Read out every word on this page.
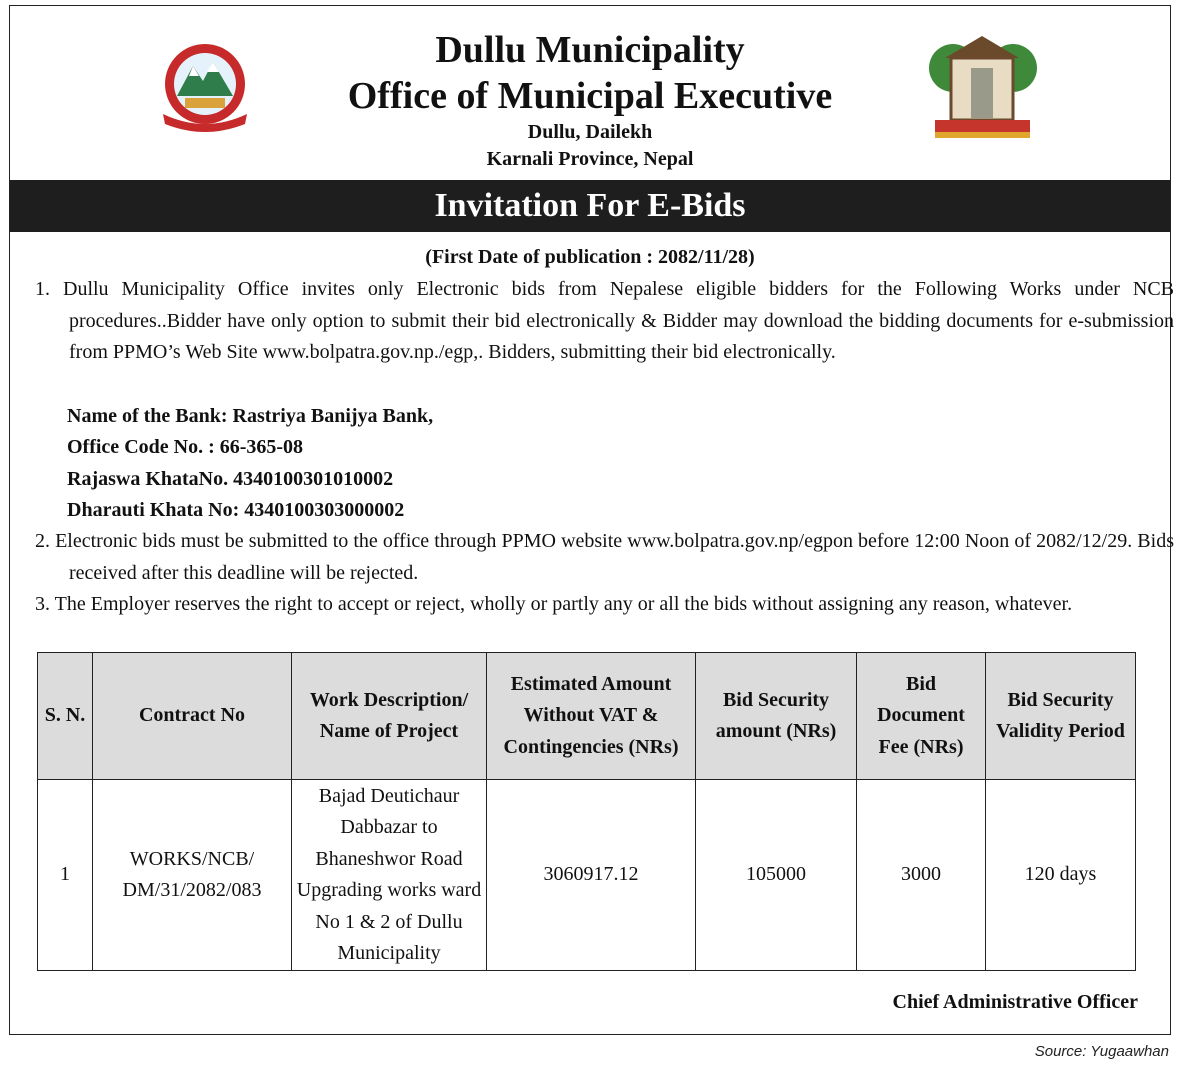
Dullu Municipality
Office of Municipal Executive
Dullu, Dailekh
Karnali Province, Nepal
Invitation For E-Bids
(First Date of publication : 2082/11/28)
1. Dullu Municipality Office invites only Electronic bids from Nepalese eligible bidders for the Following Works under NCB procedures..Bidder have only option to submit their bid electronically & Bidder may download the bidding documents for e-submission from PPMO’s Web Site www.bolpatra.gov.np./egp,. Bidders, submitting their bid electronically.
Name of the Bank: Rastriya Banijya Bank,
Office Code No. : 66-365-08
Rajaswa KhataNo. 4340100301010002
Dharauti Khata No: 4340100303000002
2. Electronic bids must be submitted to the office through PPMO website www.bolpatra.gov.np/egpon before 12:00 Noon of 2082/12/29. Bids received after this deadline will be rejected.
3. The Employer reserves the right to accept or reject, wholly or partly any or all the bids without assigning any reason, whatever.
S. N.	Contract No	Work Description/ Name of Project	Estimated Amount Without VAT & Contingencies (NRs)	Bid Security amount (NRs)	Bid Document Fee (NRs)	Bid Security Validity Period
1	WORKS/NCB/ DM/31/2082/083	Bajad Deutichaur Dabbazar to Bhaneshwor Road Upgrading works ward No 1 & 2 of Dullu Municipality	3060917.12	105000	3000	120 days
Chief Administrative Officer
Source: Yugaawhan
